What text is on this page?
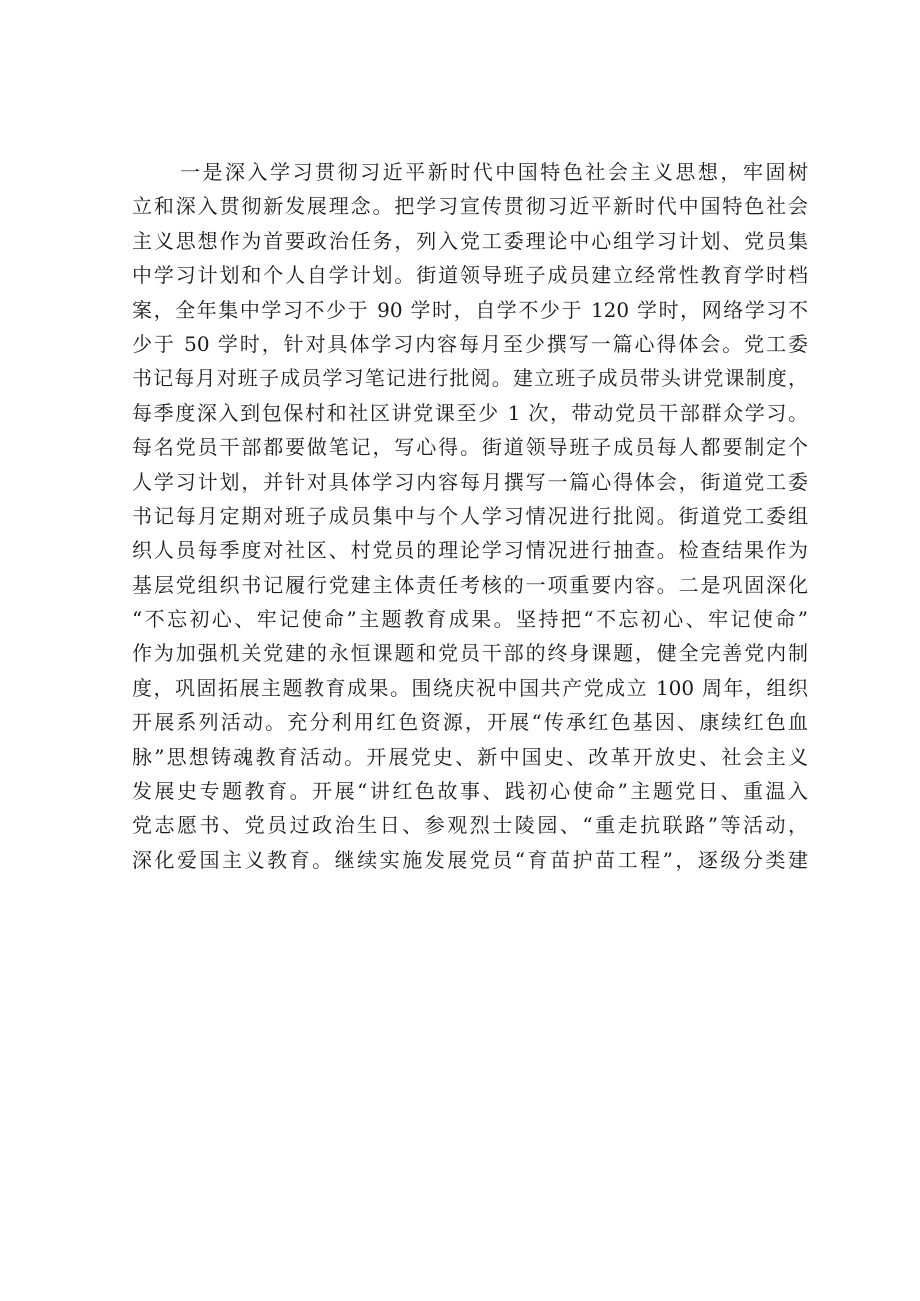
一是深入学习贯彻习近平新时代中国特色社会主义思想，牢固树
立和深入贯彻新发展理念。把学习宣传贯彻习近平新时代中国特色社会
主义思想作为首要政治任务，列入党工委理论中心组学习计划、党员集
中学习计划和个人自学计划。街道领导班子成员建立经常性教育学时档
案，全年集中学习不少于 90 学时，自学不少于 120 学时，网络学习不
少于 50 学时，针对具体学习内容每月至少撰写一篇心得体会。党工委
书记每月对班子成员学习笔记进行批阅。建立班子成员带头讲党课制度，
每季度深入到包保村和社区讲党课至少 1 次，带动党员干部群众学习。
每名党员干部都要做笔记，写心得。街道领导班子成员每人都要制定个
人学习计划，并针对具体学习内容每月撰写一篇心得体会，街道党工委
书记每月定期对班子成员集中与个人学习情况进行批阅。街道党工委组
织人员每季度对社区、村党员的理论学习情况进行抽查。检查结果作为
基层党组织书记履行党建主体责任考核的一项重要内容。二是巩固深化
“不忘初心、牢记使命”主题教育成果。坚持把“不忘初心、牢记使命”
作为加强机关党建的永恒课题和党员干部的终身课题，健全完善党内制
度，巩固拓展主题教育成果。围绕庆祝中国共产党成立 100 周年，组织
开展系列活动。充分利用红色资源，开展“传承红色基因、康续红色血
脉”思想铸魂教育活动。开展党史、新中国史、改革开放史、社会主义
发展史专题教育。开展“讲红色故事、践初心使命”主题党日、重温入
党志愿书、党员过政治生日、参观烈士陵园、“重走抗联路”等活动，
深化爱国主义教育。继续实施发展党员“育苗护苗工程”，逐级分类建
